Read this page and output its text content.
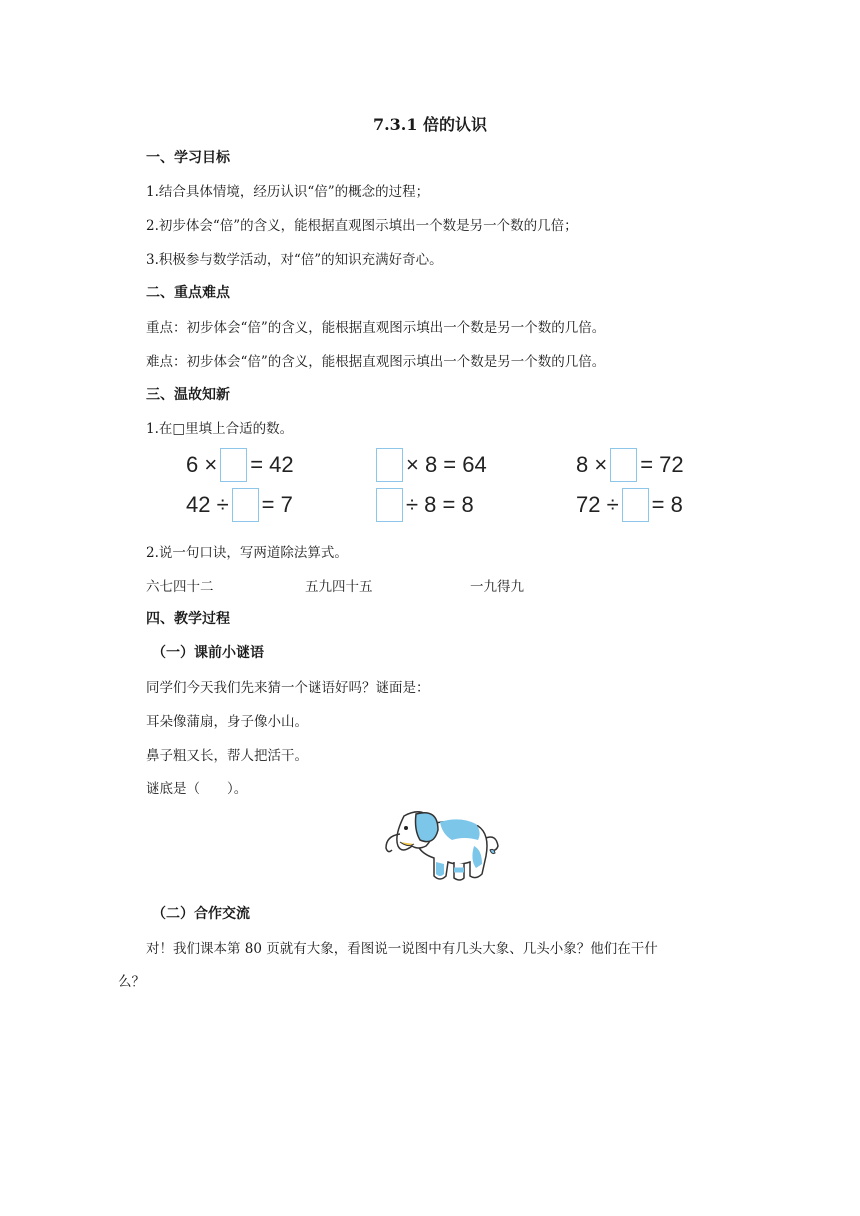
7.3.1 倍的认识
一、学习目标
1.结合具体情境，经历认识“倍”的概念的过程；
2.初步体会“倍”的含义，能根据直观图示填出一个数是另一个数的几倍；
3.积极参与数学活动，对“倍”的知识充满好奇心。
二、重点难点
重点：初步体会“倍”的含义，能根据直观图示填出一个数是另一个数的几倍。
难点：初步体会“倍”的含义，能根据直观图示填出一个数是另一个数的几倍。
三、温故知新
1.在□里填上合适的数。
6 × = 42	× 8 = 64	8 × = 72
42 ÷ = 7	÷ 8 = 8	72 ÷ = 8
2.说一句口诀，写两道除法算式。
六七四十二	五九四十五	一九得九
四、教学过程
（一）课前小谜语
同学们今天我们先来猜一个谜语好吗？谜面是：
耳朵像蒲扇，身子像小山。
鼻子粗又长，帮人把活干。
谜底是（　　）。
（二）合作交流
对！我们课本第 80 页就有大象，看图说一说图中有几头大象、几头小象？他们在干什
么？
